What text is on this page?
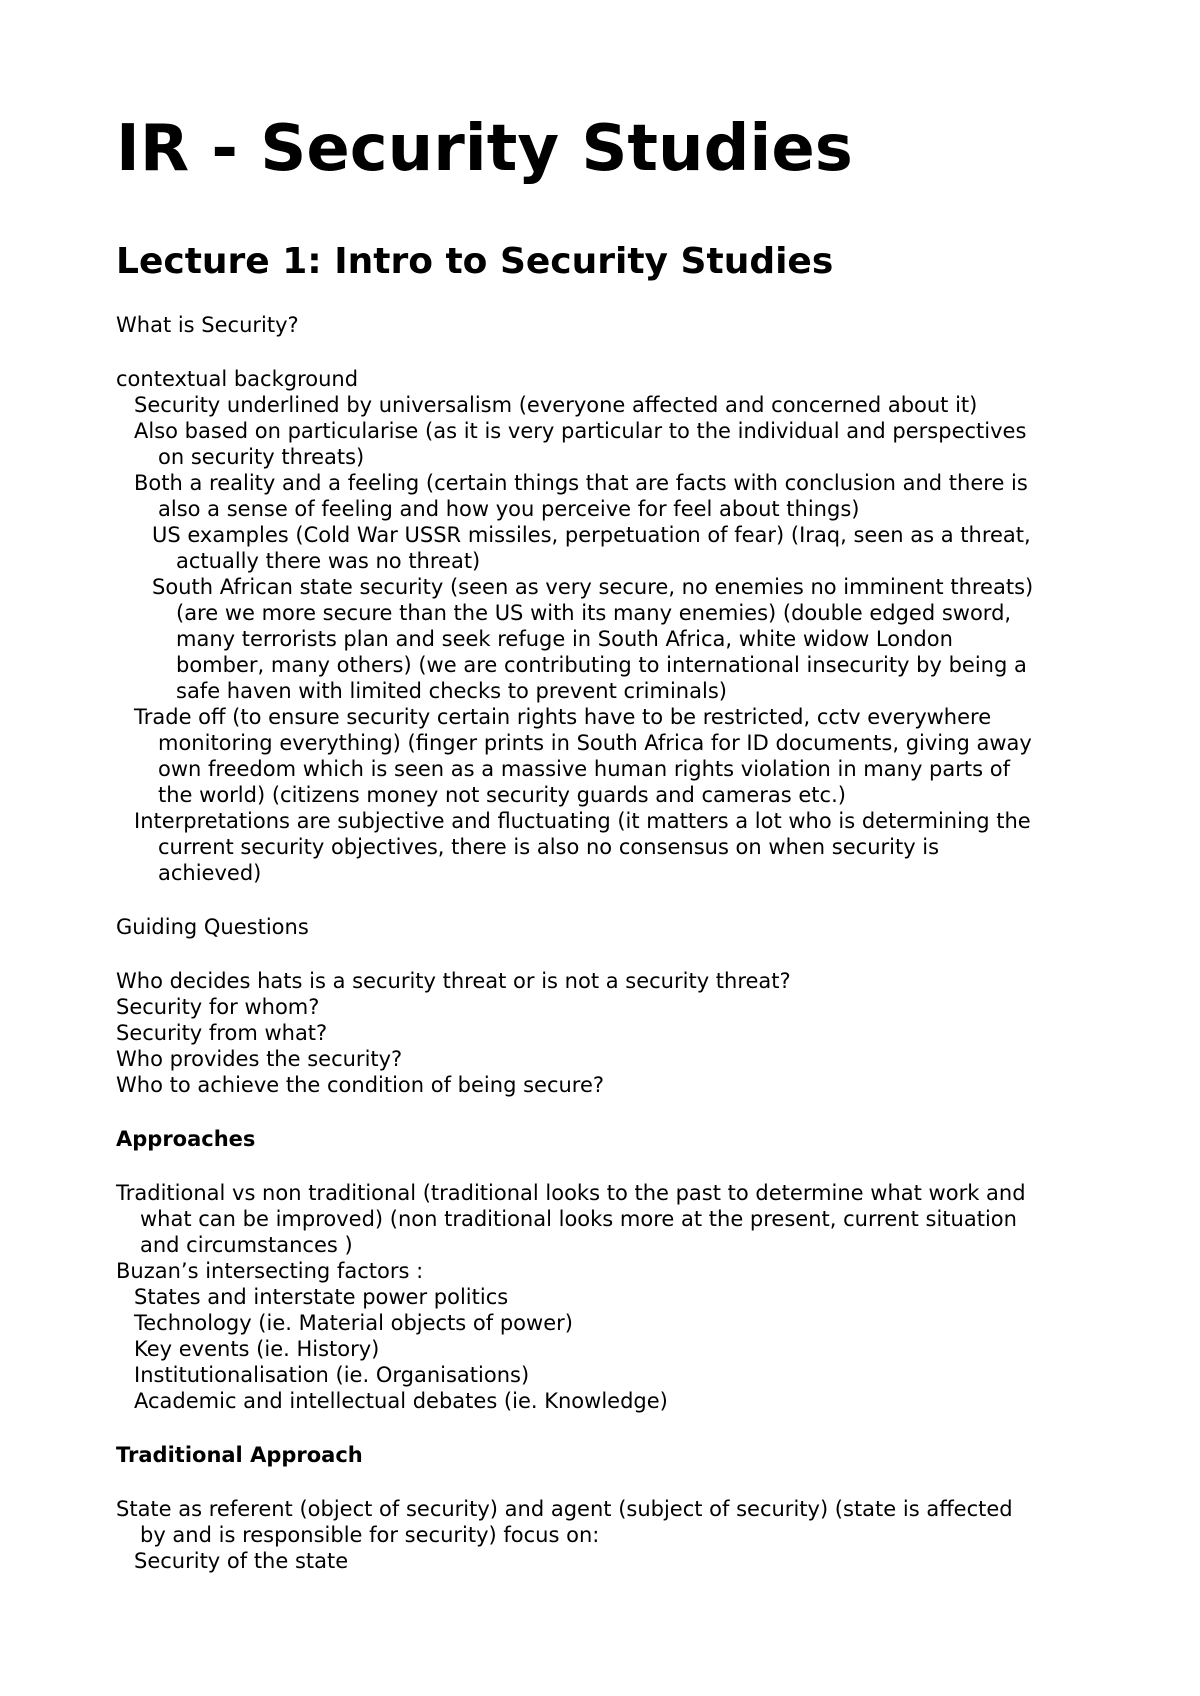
IR - Security Studies
Lecture 1: Intro to Security Studies

What is Security?

contextual background

Security underlined by universalism (everyone affected and concerned about it)

Also based on particularise (as it is very particular to the individual and perspectives

on security threats)

Both a reality and a feeling (certain things that are facts with conclusion and there is

also a sense of feeling and how you perceive for feel about things)

US examples (Cold War USSR missiles, perpetuation of fear) (Iraq, seen as a threat,

actually there was no threat)

South African state security (seen as very secure, no enemies no imminent threats)

(are we more secure than the US with its many enemies) (double edged sword,

many terrorists plan and seek refuge in South Africa, white widow London

bomber, many others) (we are contributing to international insecurity by being a

safe haven with limited checks to prevent criminals)

Trade off (to ensure security certain rights have to be restricted, cctv everywhere

monitoring everything) (finger prints in South Africa for ID documents, giving away

own freedom which is seen as a massive human rights violation in many parts of

the world) (citizens money not security guards and cameras etc.)

Interpretations are subjective and fluctuating (it matters a lot who is determining the

current security objectives, there is also no consensus on when security is

achieved)

Guiding Questions

Who decides hats is a security threat or is not a security threat?

Security for whom?

Security from what?

Who provides the security?

Who to achieve the condition of being secure?

Approaches

Traditional vs non traditional (traditional looks to the past to determine what work and

what can be improved) (non traditional looks more at the present, current situation

and circumstances )

Buzan’s intersecting factors :

States and interstate power politics

Technology (ie. Material objects of power)

Key events (ie. History)

Institutionalisation (ie. Organisations)

Academic and intellectual debates (ie. Knowledge)

Traditional Approach

State as referent (object of security) and agent (subject of security) (state is affected

by and is responsible for security) focus on:

Security of the state
